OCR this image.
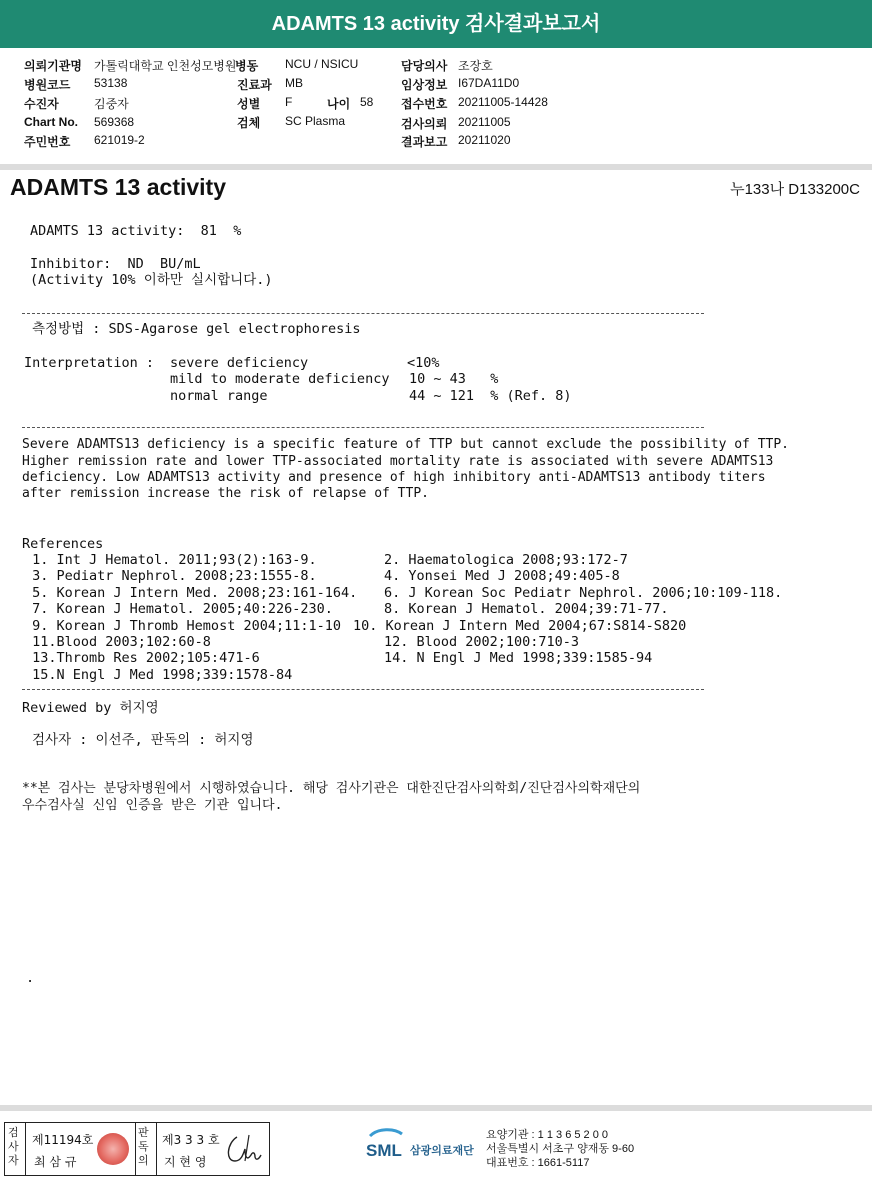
ADAMTS 13 activity 검사결과보고서
의뢰기관명 가톨릭대학교 인천성모병원
병원코드 53138
수진자	김중자
Chart No. 569368
주민번호 621019-2
병동 NCU / NSICU
진료과 MB
성별 F	나이 58
검체 SC Plasma
담당의사 조장호
임상정보 I67DA11D0
접수번호 20211005-14428
검사의뢰 20211005
결과보고 20211020
ADAMTS 13 activity	누133나 D133200C
ADAMTS 13 activity:  81  %
Inhibitor:  ND  BU/mL
(Activity 10% 이하만 실시합니다.)
측정방법 : SDS-Agarose gel electrophoresis
Interpretation : severe deficiency	<10%
mild to moderate deficiency 10 ~ 43   %
normal range	44 ~ 121  % (Ref. 8)
Severe ADAMTS13 deficiency is a specific feature of TTP but cannot exclude the possibility of TTP.
Higher remission rate and lower TTP-associated mortality rate is associated with severe ADAMTS13
deficiency. Low ADAMTS13 activity and presence of high inhibitory anti-ADAMTS13 antibody titers
after remission increase the risk of relapse of TTP.
References
1. Int J Hematol. 2011;93(2):163-9.	2. Haematologica 2008;93:172-7
3. Pediatr Nephrol. 2008;23:1555-8.	4. Yonsei Med J 2008;49:405-8
5. Korean J Intern Med. 2008;23:161-164. 6. J Korean Soc Pediatr Nephrol. 2006;10:109-118.
7. Korean J Hematol. 2005;40:226-230.	8. Korean J Hematol. 2004;39:71-77.
9. Korean J Thromb Hemost 2004;11:1-10 10. Korean J Intern Med 2004;67:S814-S820
11.Blood 2003;102:60-8	12. Blood 2002;100:710-3
13.Thromb Res 2002;105:471-6	14. N Engl J Med 1998;339:1585-94
15.N Engl J Med 1998;339:1578-84
Reviewed by 허지영
검사자 : 이선주, 판독의 : 허지영
**본 검사는 분당차병원에서 시행하였습니다. 해당 검사기관은 대한진단검사의학회/진단검사의학재단의
우수검사실 신임 인증을 받은 기관 입니다.
.
검사자
제11194호
최 삼 규
판독의
제3 3 3 호
지 현 영
SML 삼광의료재단
요양기관 : 1 1 3 6 5 2 0 0
서울특별시 서초구 양재동 9-60
대표번호 : 1661-5117
